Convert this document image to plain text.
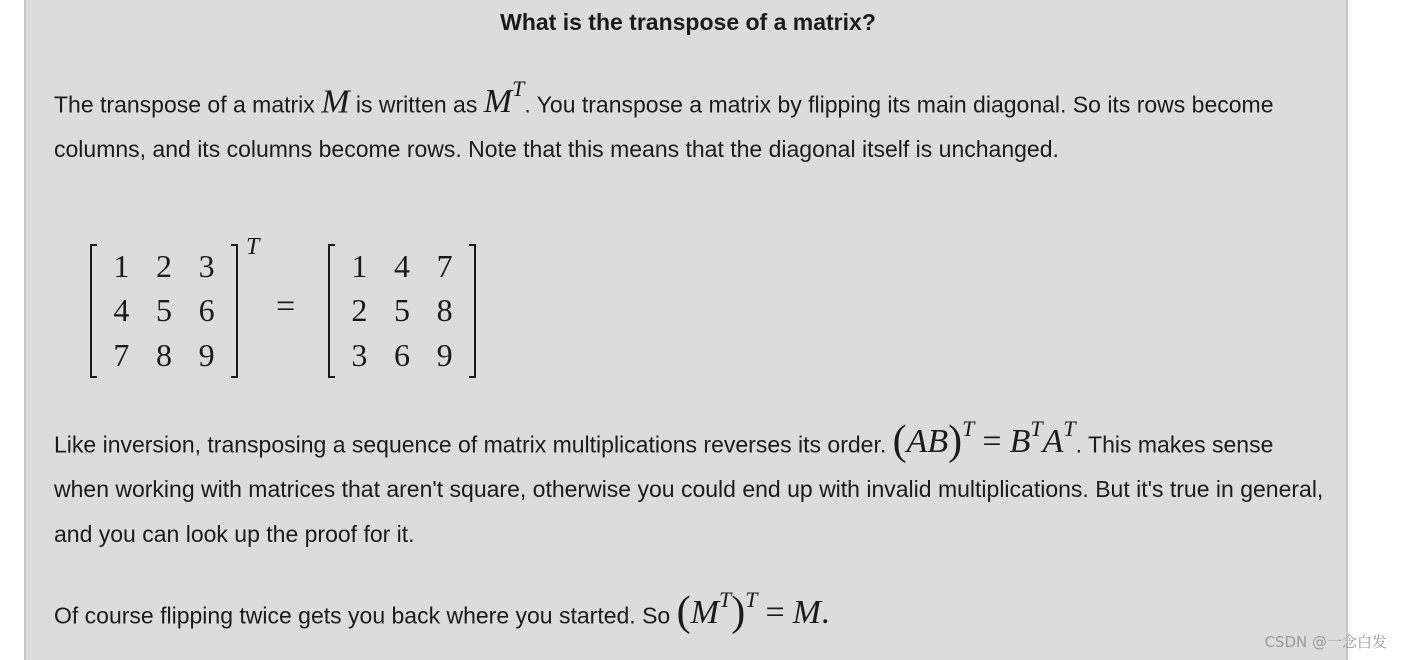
What is the transpose of a matrix?
The transpose of a matrix M is written as $M^T$. You transpose a matrix by flipping its main diagonal. So its rows become columns, and its columns become rows. Note that this means that the diagonal itself is unchanged.
1 2 3
4 5 6
7 8 9
T
=
1 4 7
2 5 8
3 6 9
Like inversion, transposing a sequence of matrix multiplications reverses its order. $(AB)^T = B^TA^T$. This makes sense when working with matrices that aren't square, otherwise you could end up with invalid multiplications. But it's true in general, and you can look up the proof for it.
Of course flipping twice gets you back where you started. So $(M^T)^T = M$.
CSDN @一念白发
